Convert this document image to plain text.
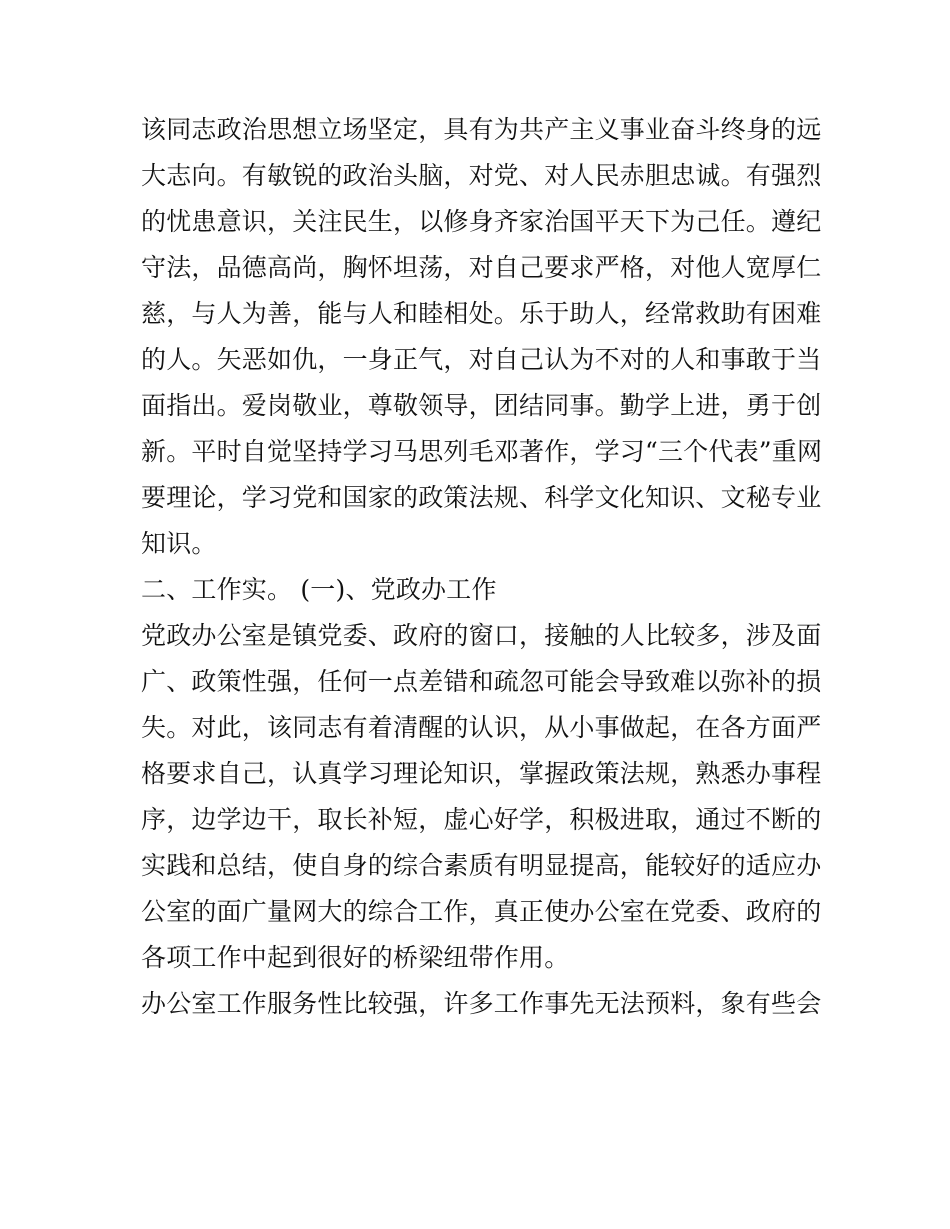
该同志政治思想立场坚定，具有为共产主义事业奋斗终身的远
大志向。有敏锐的政治头脑，对党、对人民赤胆忠诚。有强烈
的忧患意识，关注民生，以修身齐家治国平天下为己任。遵纪
守法，品德高尚，胸怀坦荡，对自己要求严格，对他人宽厚仁
慈，与人为善，能与人和睦相处。乐于助人，经常救助有困难
的人。矢恶如仇，一身正气，对自己认为不对的人和事敢于当
面指出。爱岗敬业，尊敬领导，团结同事。勤学上进，勇于创
新。平时自觉坚持学习马思列毛邓著作，学习“三个代表”重网
要理论，学习党和国家的政策法规、科学文化知识、文秘专业
知识。
二、工作实。 (一)、党政办工作
党政办公室是镇党委、政府的窗口，接触的人比较多，涉及面
广、政策性强，任何一点差错和疏忽可能会导致难以弥补的损
失。对此，该同志有着清醒的认识，从小事做起，在各方面严
格要求自己，认真学习理论知识，掌握政策法规，熟悉办事程
序，边学边干，取长补短，虚心好学，积极进取，通过不断的
实践和总结，使自身的综合素质有明显提高，能较好的适应办
公室的面广量网大的综合工作，真正使办公室在党委、政府的
各项工作中起到很好的桥梁纽带作用。
办公室工作服务性比较强，许多工作事先无法预料，象有些会
